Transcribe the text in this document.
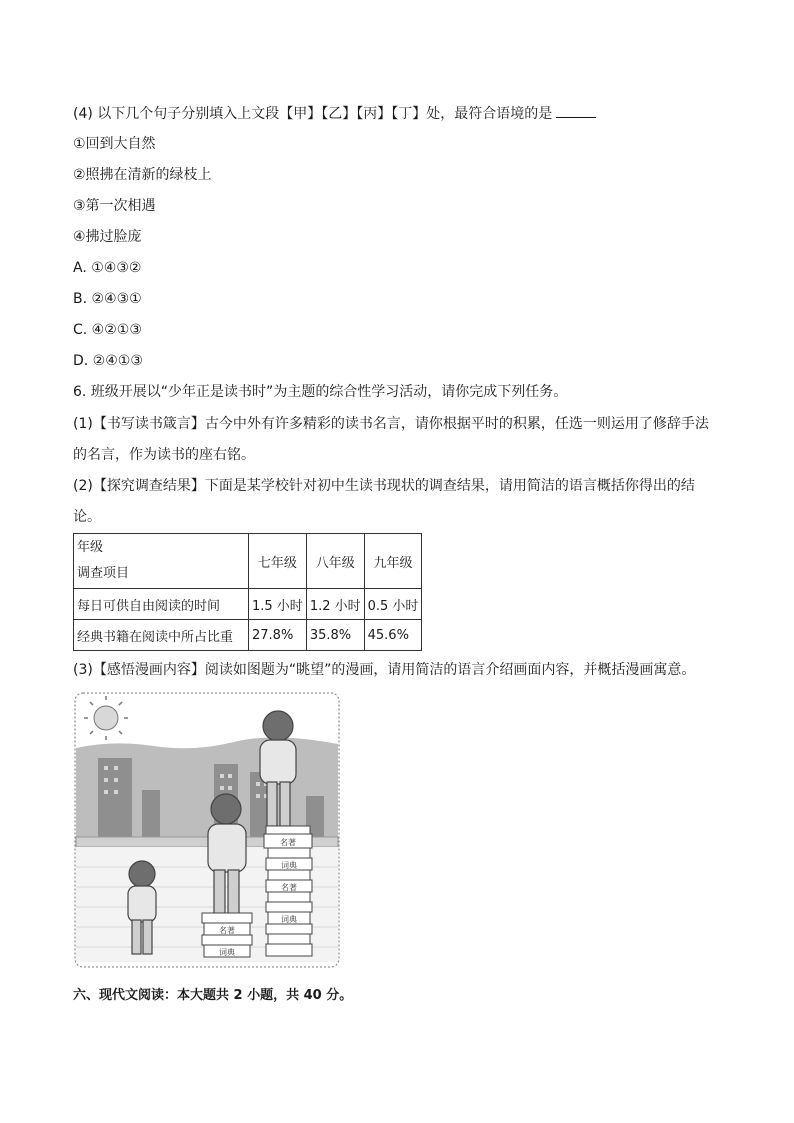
(4) 以下几个句子分别填入上文段【甲】【乙】【丙】【丁】处，最符合语境的是
①回到大自然
②照拂在清新的绿枝上
③第一次相遇
④拂过脸庞
A. ①④③②
B. ②④③①
C. ④②①③
D. ②④①③
6. 班级开展以“少年正是读书时”为主题的综合性学习活动，请你完成下列任务。
(1)【书写读书箴言】古今中外有许多精彩的读书名言，请你根据平时的积累，任选一则运用了修辞手法
的名言，作为读书的座右铭。
(2)【探究调查结果】下面是某学校针对初中生读书现状的调查结果，请用简洁的语言概括你得出的结
论。
年级
调查项目	七年级	八年级	九年级
每日可供自由阅读的时间	1.5 小时	1.2 小时	0.5 小时
经典书籍在阅读中所占比重	27.8%	35.8%	45.6%
(3)【感悟漫画内容】阅读如图题为“眺望”的漫画，请用简洁的语言介绍画面内容，并概括漫画寓意。
名著
词典
名著
词典
名著
词典
六、现代文阅读：本大题共 2 小题，共 40 分。
